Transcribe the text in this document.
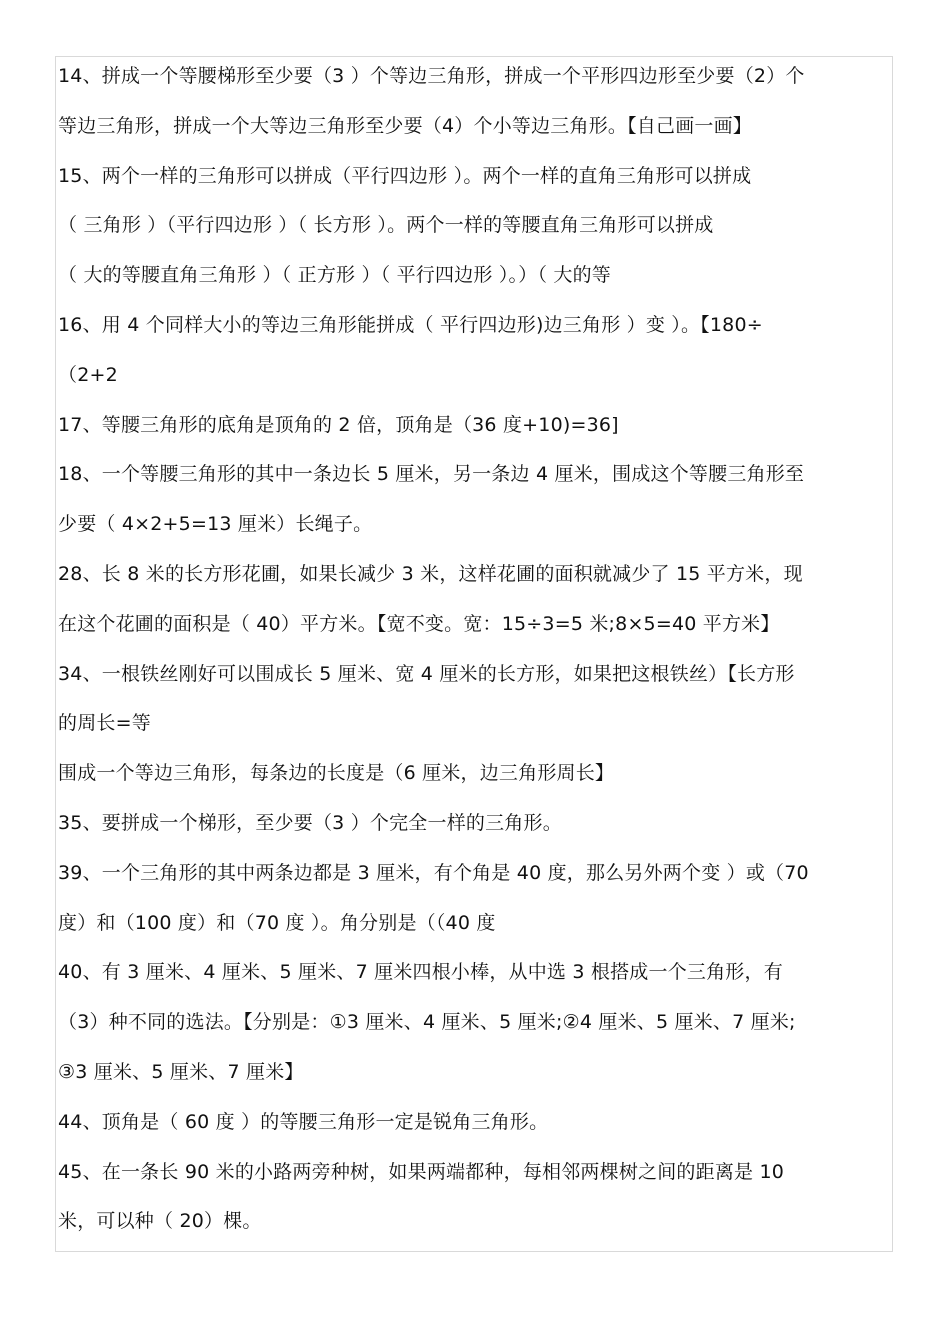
14、拼成一个等腰梯形至少要（3 ）个等边三角形，拼成一个平形四边形至少要（2）个
等边三角形，拼成一个大等边三角形至少要（4）个小等边三角形。【自己画一画】
15、两个一样的三角形可以拼成（平行四边形 ）。两个一样的直角三角形可以拼成
（ 三角形 ）（平行四边形 ）（ 长方形 ）。两个一样的等腰直角三角形可以拼成
（ 大的等腰直角三角形 ）（ 正方形 ）（ 平行四边形 ）。）（ 大的等
16、用 4 个同样大小的等边三角形能拼成（ 平行四边形)边三角形 ）变 ）。【180÷
（2+2
17、等腰三角形的底角是顶角的 2 倍，顶角是（36 度+10)=36]
18、一个等腰三角形的其中一条边长 5 厘米，另一条边 4 厘米，围成这个等腰三角形至
少要（ 4×2+5=13 厘米）长绳子。
28、长 8 米的长方形花圃，如果长减少 3 米，这样花圃的面积就减少了 15 平方米，现
在这个花圃的面积是（ 40）平方米。【宽不变。宽：15÷3=5 米;8×5=40 平方米】
34、一根铁丝刚好可以围成长 5 厘米、宽 4 厘米的长方形，如果把这根铁丝）【长方形
的周长=等
围成一个等边三角形，每条边的长度是（6 厘米，边三角形周长】
35、要拼成一个梯形，至少要（3 ）个完全一样的三角形。
39、一个三角形的其中两条边都是 3 厘米，有个角是 40 度，那么另外两个变 ）或（70
度）和（100 度）和（70 度 ）。角分别是（（40 度
40、有 3 厘米、4 厘米、5 厘米、7 厘米四根小棒，从中选 3 根搭成一个三角形，有
（3）种不同的选法。【分别是：①3 厘米、4 厘米、5 厘米;②4 厘米、5 厘米、7 厘米;
③3 厘米、5 厘米、7 厘米】
44、顶角是（ 60 度 ）的等腰三角形一定是锐角三角形。
45、在一条长 90 米的小路两旁种树，如果两端都种，每相邻两棵树之间的距离是 10
米，可以种（ 20）棵。
